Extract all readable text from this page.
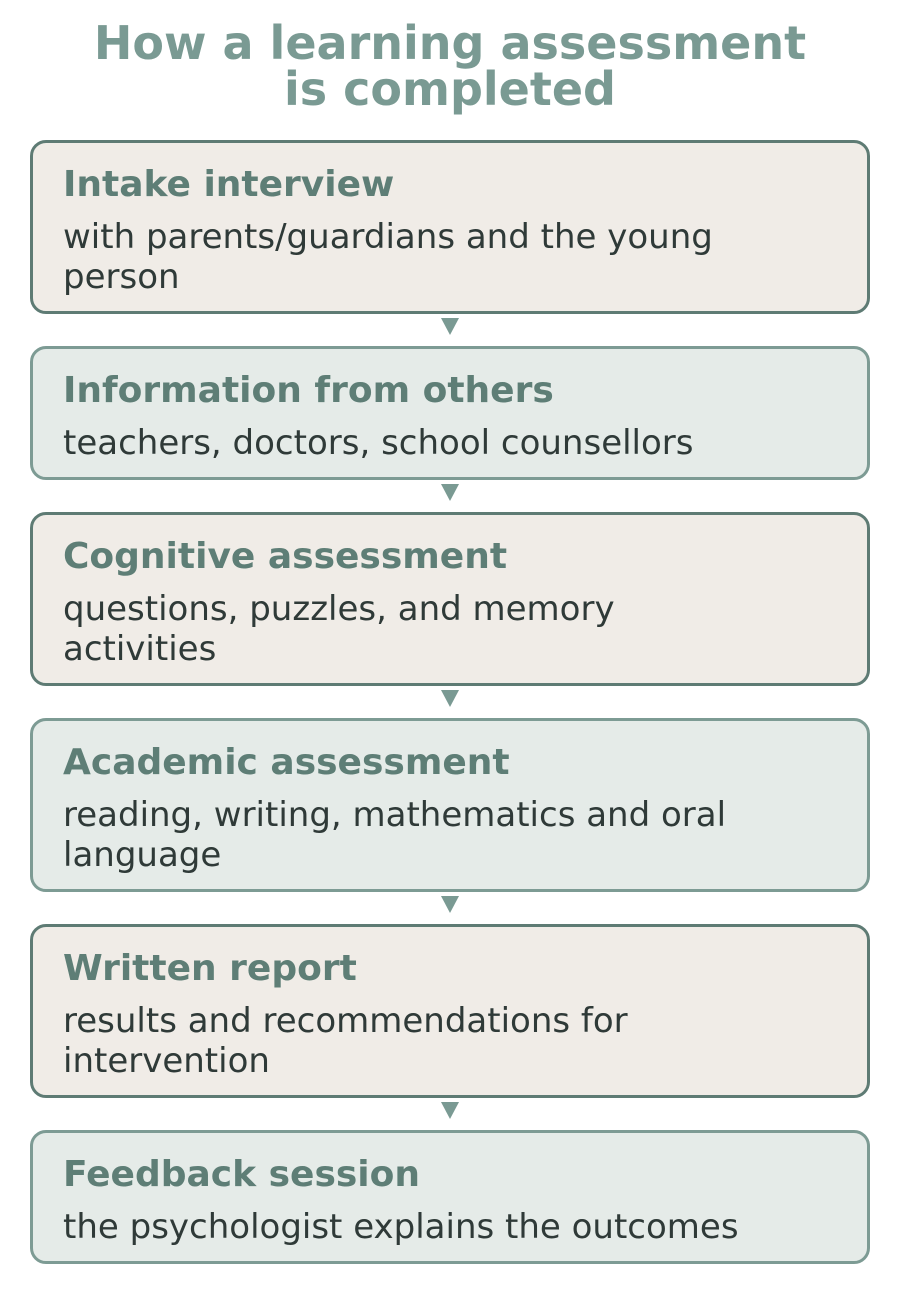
How a learning assessment
is completed
Intake interview
with parents/guardians and the young person
Information from others
teachers, doctors, school counsellors
Cognitive assessment
questions, puzzles, and memory activities
Academic assessment
reading, writing, mathematics and oral language
Written report
results and recommendations for intervention
Feedback session
the psychologist explains the outcomes
